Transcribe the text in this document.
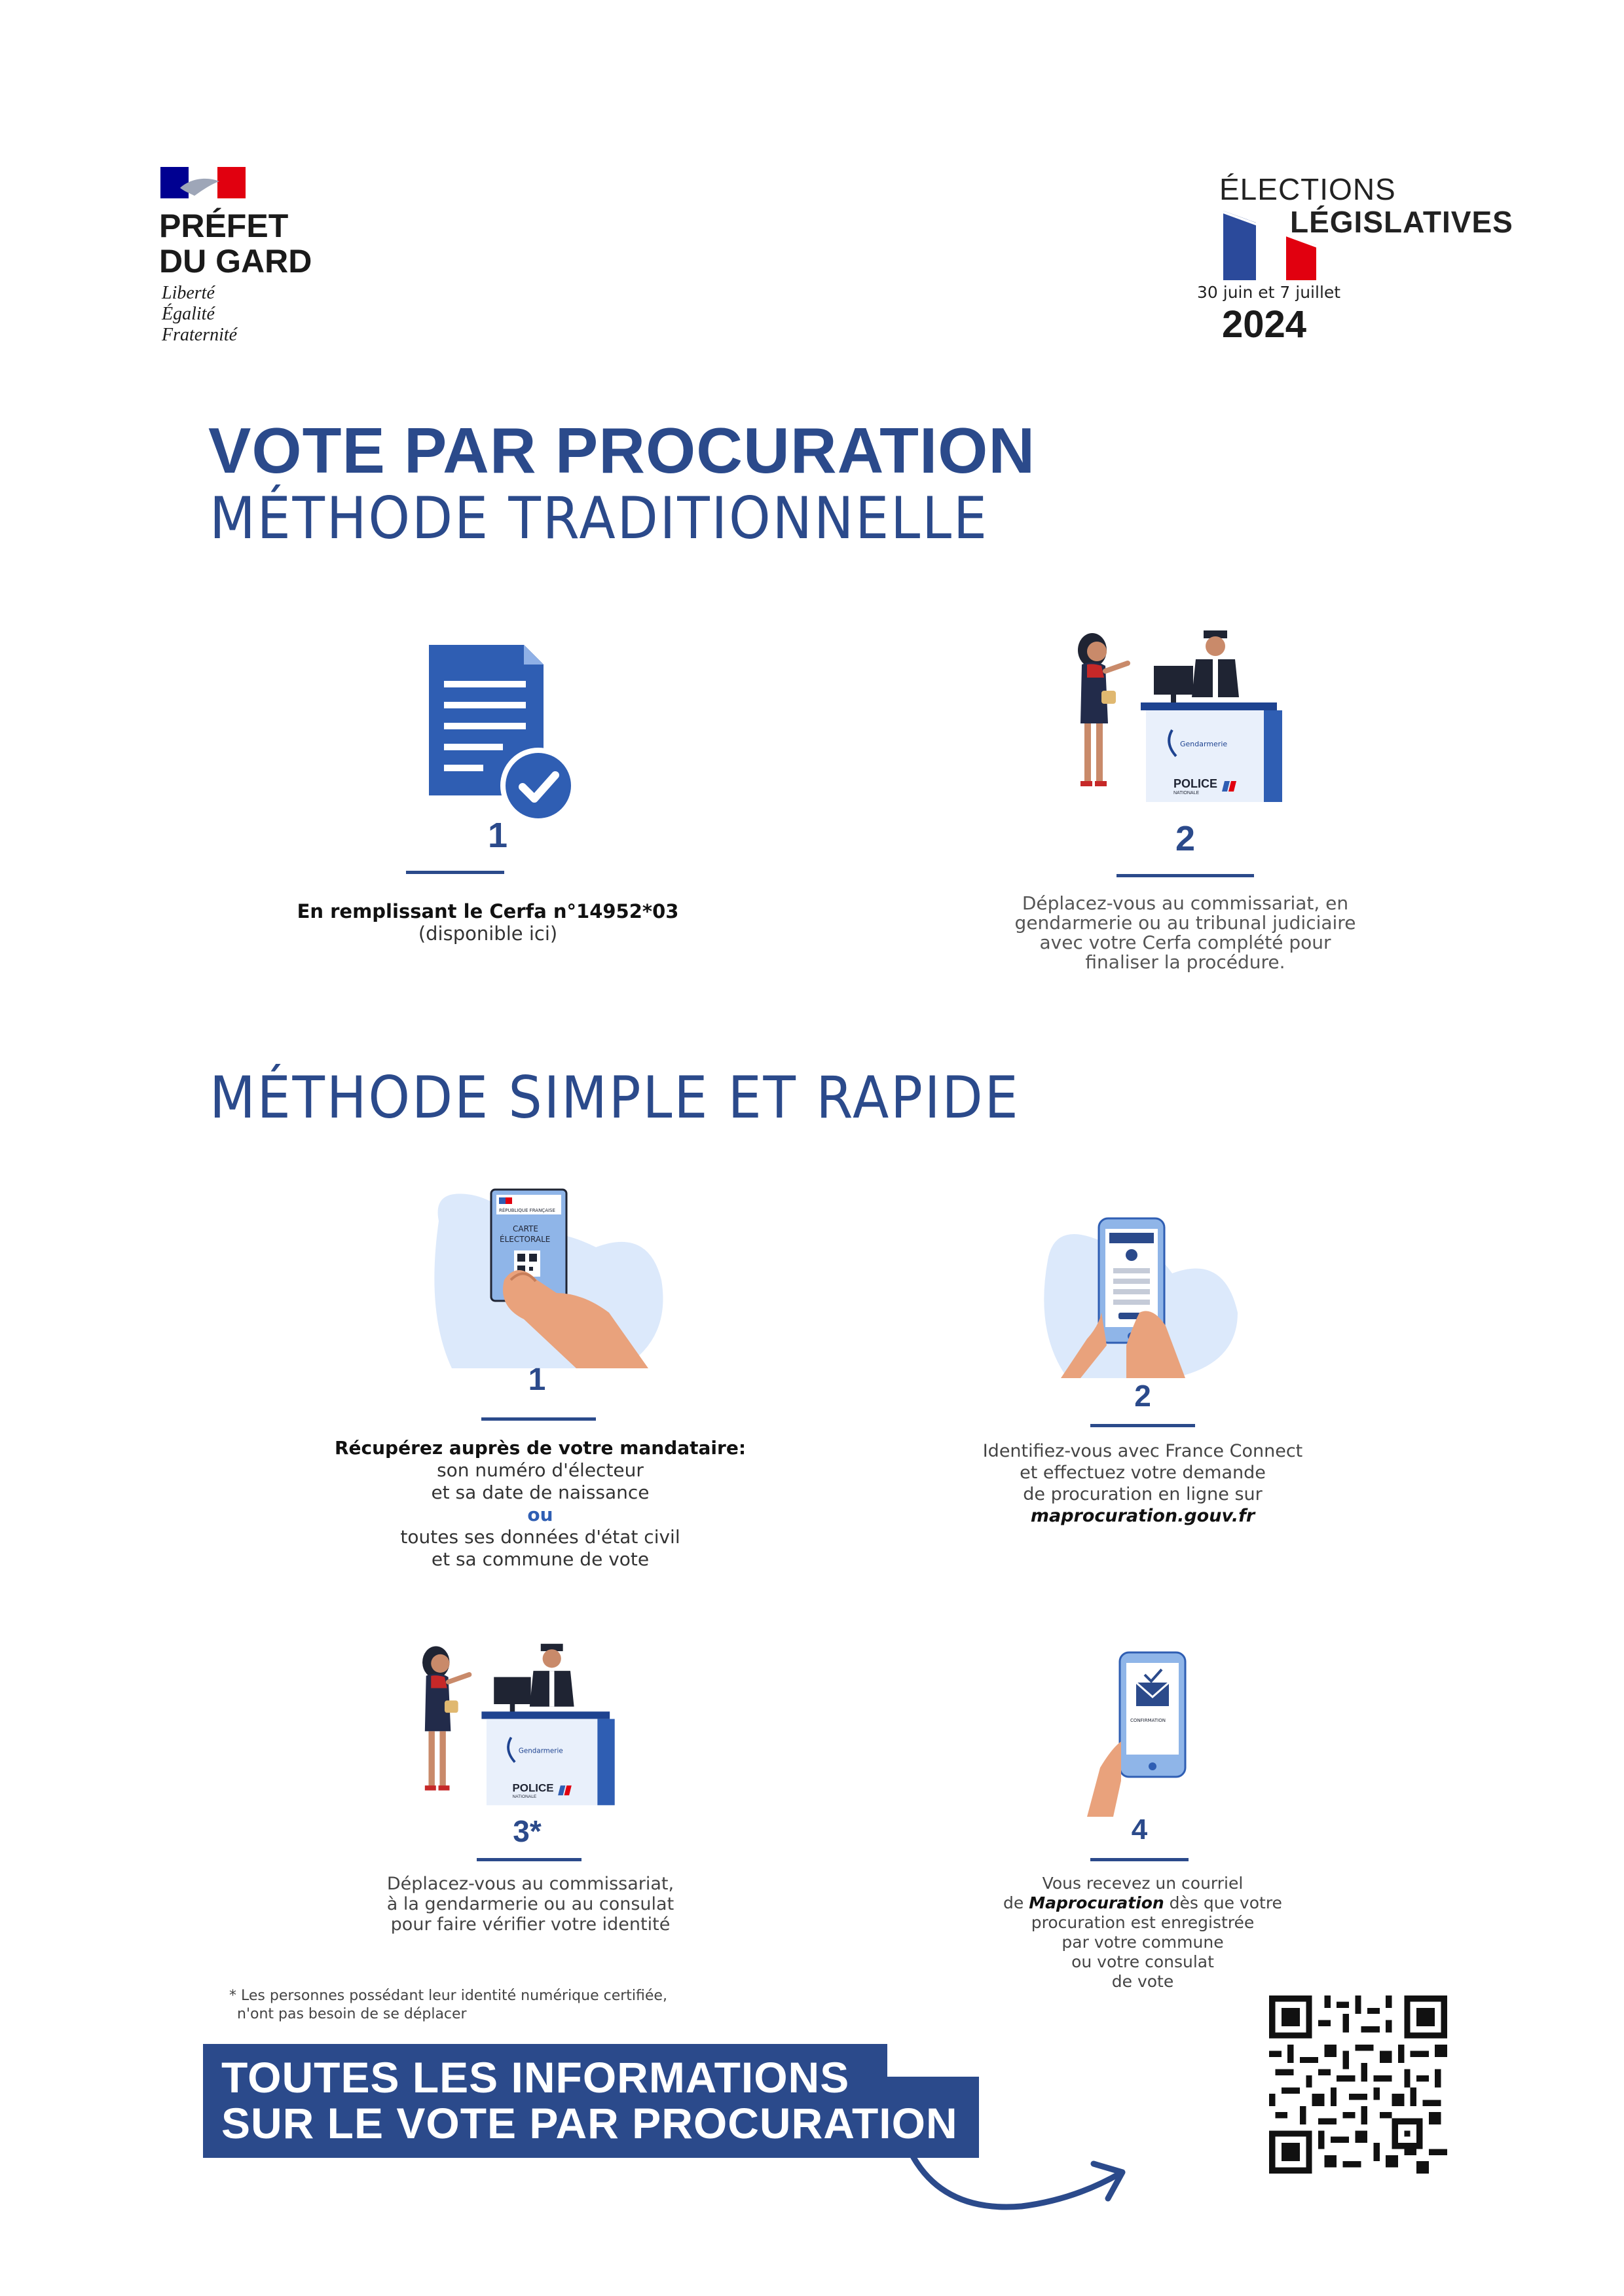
PRÉFET
DU GARD
Liberté
Égalité
Fraternité
ÉLECTIONS
LÉGISLATIVES
30 juin et 7 juillet
2024
VOTE PAR PROCURATION
MÉTHODE TRADITIONNELLE
1
En remplissant le Cerfa n°14952*03
(disponible ici)
Gendarmerie
POLICE
NATIONALE
2
Déplacez-vous au commissariat, en
gendarmerie ou au tribunal judiciaire
avec votre Cerfa complété pour
finaliser la procédure.
MÉTHODE SIMPLE ET RAPIDE
RÉPUBLIQUE FRANÇAISE
CARTE
ÉLECTORALE
1
Récupérez auprès de votre mandataire:
son numéro d'électeur
et sa date de naissance
ou
toutes ses données d'état civil
et sa commune de vote
2
Identifiez-vous avec France Connect
et effectuez votre demande
de procuration en ligne sur
maprocuration.gouv.fr
Gendarmerie
POLICE
NATIONALE
3*
Déplacez-vous au commissariat,
à la gendarmerie ou au consulat
pour faire vérifier votre identité
CONFIRMATION
4
Vous recevez un courriel
de Maprocuration dès que votre
procuration est enregistrée
par votre commune
ou votre consulat
de vote
* Les personnes possédant leur identité numérique certifiée,
n'ont pas besoin de se déplacer
TOUTES LES INFORMATIONS
SUR LE VOTE PAR PROCURATION
